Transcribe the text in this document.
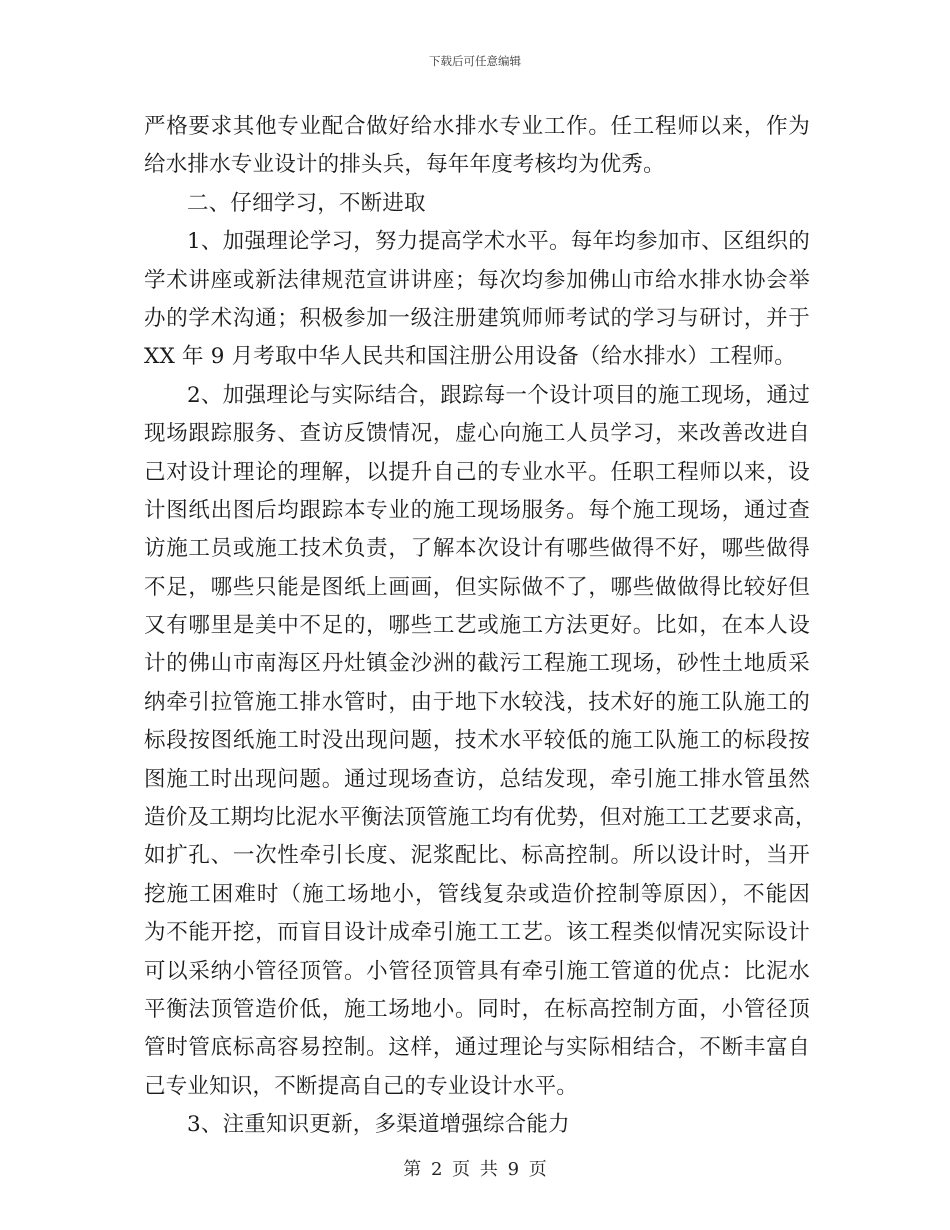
下载后可任意编辑
严格要求其他专业配合做好给水排水专业工作。任工程师以来，作为
给水排水专业设计的排头兵，每年年度考核均为优秀。
二、仔细学习，不断进取
1、加强理论学习，努力提高学术水平。每年均参加市、区组织的
学术讲座或新法律规范宣讲讲座；每次均参加佛山市给水排水协会举
办的学术沟通；积极参加一级注册建筑师师考试的学习与研讨，并于
XX 年 9 月考取中华人民共和国注册公用设备（给水排水）工程师。
2、加强理论与实际结合，跟踪每一个设计项目的施工现场，通过
现场跟踪服务、查访反馈情况，虚心向施工人员学习，来改善改进自
己对设计理论的理解，以提升自己的专业水平。任职工程师以来，设
计图纸出图后均跟踪本专业的施工现场服务。每个施工现场，通过查
访施工员或施工技术负责，了解本次设计有哪些做得不好，哪些做得
不足，哪些只能是图纸上画画，但实际做不了，哪些做做得比较好但
又有哪里是美中不足的，哪些工艺或施工方法更好。比如，在本人设
计的佛山市南海区丹灶镇金沙洲的截污工程施工现场，砂性土地质采
纳牵引拉管施工排水管时，由于地下水较浅，技术好的施工队施工的
标段按图纸施工时没出现问题，技术水平较低的施工队施工的标段按
图施工时出现问题。通过现场查访，总结发现，牵引施工排水管虽然
造价及工期均比泥水平衡法顶管施工均有优势，但对施工工艺要求高，
如扩孔、一次性牵引长度、泥浆配比、标高控制。所以设计时，当开
挖施工困难时（施工场地小，管线复杂或造价控制等原因），不能因
为不能开挖，而盲目设计成牵引施工工艺。该工程类似情况实际设计
可以采纳小管径顶管。小管径顶管具有牵引施工管道的优点：比泥水
平衡法顶管造价低，施工场地小。同时，在标高控制方面，小管径顶
管时管底标高容易控制。这样，通过理论与实际相结合，不断丰富自
己专业知识，不断提高自己的专业设计水平。
3、注重知识更新，多渠道增强综合能力
第 2 页 共 9 页
